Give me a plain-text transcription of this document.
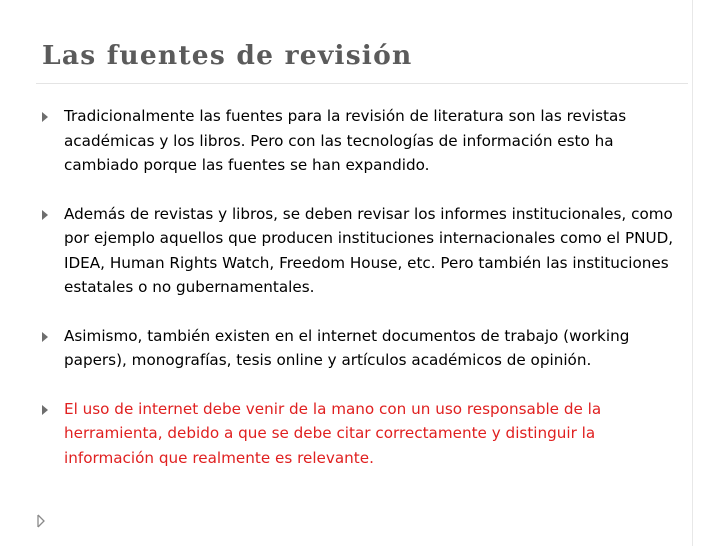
Las fuentes de revisión
Tradicionalmente las fuentes para la revisión de literatura son las revistas académicas y los libros. Pero con las tecnologías de información esto ha cambiado porque las fuentes se han expandido.
Además de revistas y libros, se deben revisar los informes institucionales, como por ejemplo aquellos que producen instituciones internacionales como el PNUD, IDEA, Human Rights Watch, Freedom House, etc. Pero también las instituciones estatales o no gubernamentales.
Asimismo, también existen en el internet documentos de trabajo (working papers), monografías, tesis online y artículos académicos de opinión.
El uso de internet debe venir de la mano con un uso responsable de la herramienta, debido a que se debe citar correctamente y distinguir la información que realmente es relevante.
